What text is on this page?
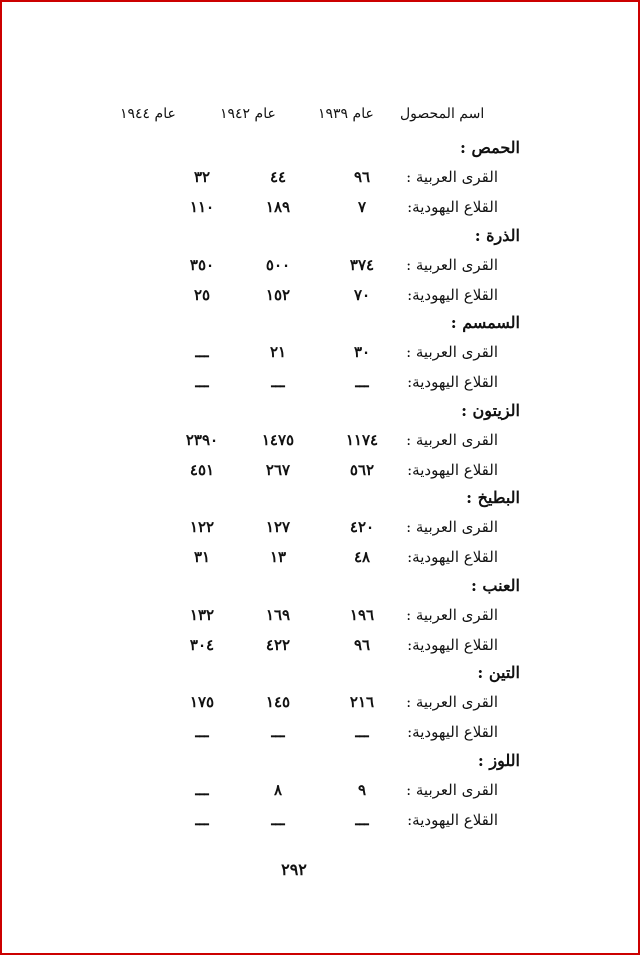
اسم المحصول
عام ١٩٣٩
عام ١٩٤٢
عام ١٩٤٤
الحمص :
القرى العربية :
٩٦
٤٤
٣٢
القلاع اليهودية:
٧
١٨٩
١١٠
الذرة :
القرى العربية :
٣٧٤
٥٠٠
٣٥٠
القلاع اليهودية:
٧٠
١٥٢
٢٥
السمسم :
القرى العربية :
٣٠
٢١
ـــ
القلاع اليهودية:
ـــ
ـــ
ـــ
الزيتون :
القرى العربية :
١١٧٤
١٤٧٥
٢٣٩٠
القلاع اليهودية:
٥٦٢
٢٦٧
٤٥١
البطيخ :
القرى العربية :
٤٢٠
١٢٧
١٢٢
القلاع اليهودية:
٤٨
١٣
٣١
العنب :
القرى العربية :
١٩٦
١٦٩
١٣٢
القلاع اليهودية:
٩٦
٤٢٢
٣٠٤
التين :
القرى العربية :
٢١٦
١٤٥
١٧٥
القلاع اليهودية:
ـــ
ـــ
ـــ
اللوز :
القرى العربية :
٩
٨
ـــ
القلاع اليهودية:
ـــ
ـــ
ـــ
٢٩٢
